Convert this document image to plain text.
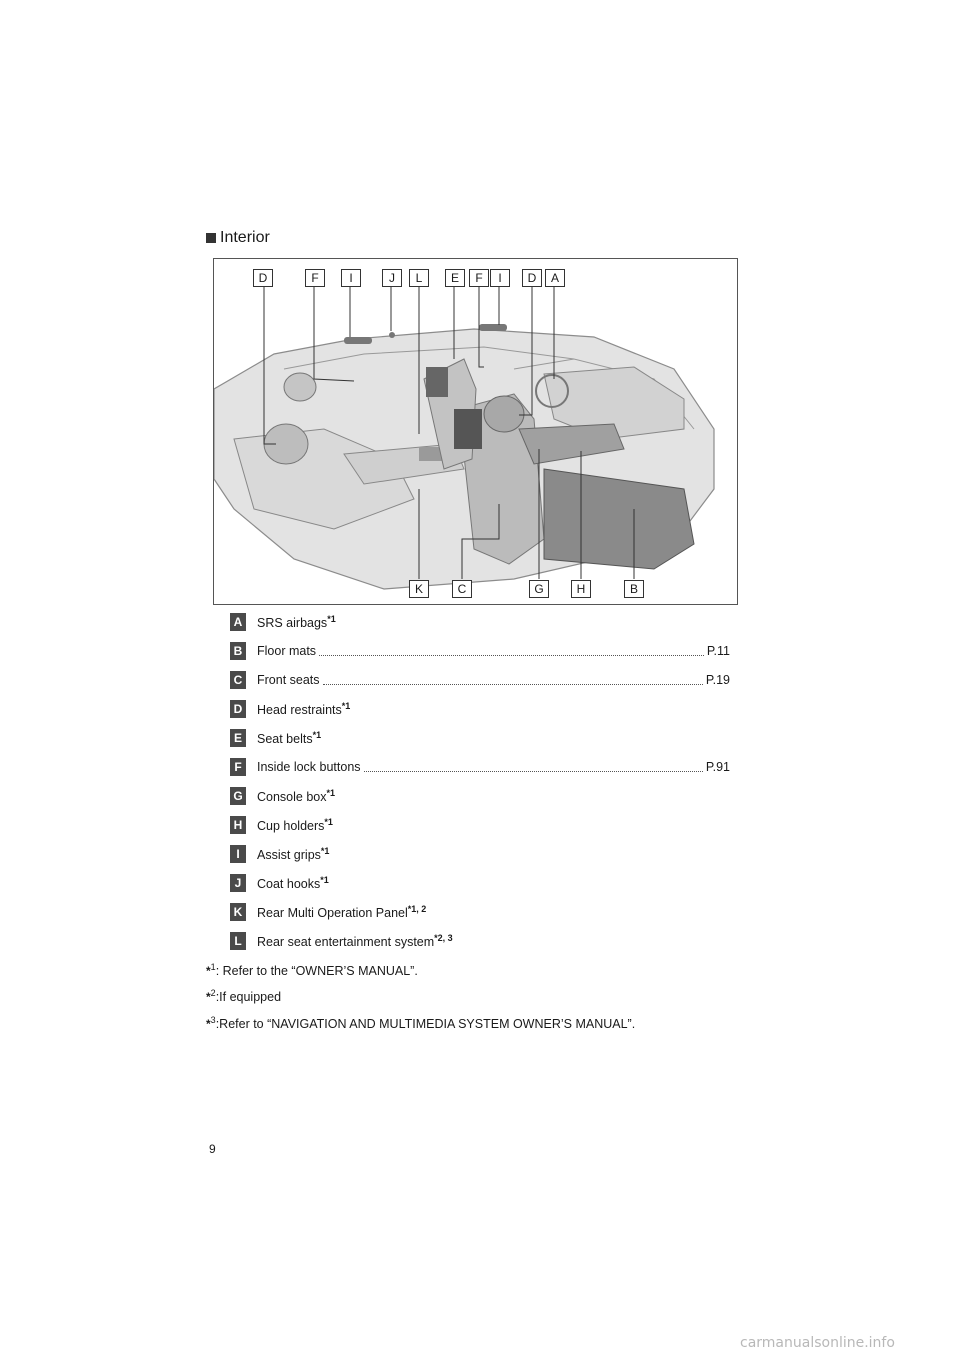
Interior
D	F	I	J	L	E	F	I	D	A
K	C	G	H	B
A SRS airbags$^{*1}$
B Floor mats	P.11
C Front seats	P.19
D Head restraints$^{*1}$
E	Seat belts$^{*1}$
F	Inside lock buttons	P.91
G Console box$^{*1}$
H Cup holders$^{*1}$
I	Assist grips$^{*1}$
J	Coat hooks$^{*1}$
K Rear Multi Operation Panel$^{*1, 2}$
L	Rear seat entertainment system$^{*2, 3}$
*$^1$: Refer to the “OWNER’S MANUAL”.
*$^2$:If equipped
*$^3$:Refer to “NAVIGATION AND MULTIMEDIA SYSTEM OWNER’S MANUAL”.
9
carmanualsonline.info
